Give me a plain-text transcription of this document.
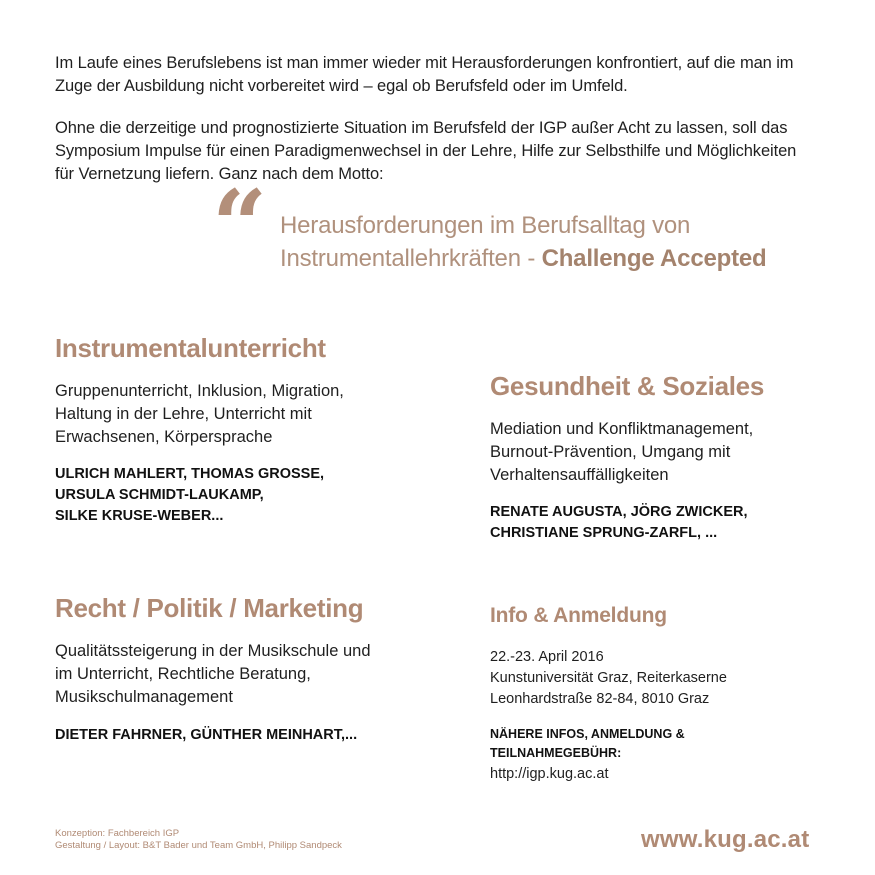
Im Laufe eines Berufslebens ist man immer wieder mit Herausforderungen konfrontiert, auf die man im Zuge der Ausbildung nicht vorbereitet wird – egal ob Berufsfeld oder im Umfeld.

Ohne die derzeitige und prognostizierte Situation im Berufsfeld der IGP außer Acht zu lassen, soll das Symposium Impulse für einen Paradigmenwechsel in der Lehre, Hilfe zur Selbsthilfe und Möglichkeiten für Vernetzung liefern. Ganz nach dem Motto:

“ Herausforderungen im Berufsalltag von
Instrumentallehrkräften - Challenge Accepted
Instrumentalunterricht
Gruppenunterricht, Inklusion, Migration, Haltung in der Lehre, Unterricht mit Erwachsenen, Körpersprache
ULRICH MAHLERT, THOMAS GROSSE,
URSULA SCHMIDT-LAUKAMP,
SILKE KRUSE-WEBER...
Gesundheit & Soziales
Mediation und Konfliktmanagement, Burnout-Prävention, Umgang mit Verhaltensauffälligkeiten
RENATE AUGUSTA, JÖRG ZWICKER,
CHRISTIANE SPRUNG-ZARFL, ...
Recht / Politik / Marketing
Qualitätssteigerung in der Musikschule und im Unterricht, Rechtliche Beratung, Musikschulmanagement
DIETER FAHRNER, GÜNTHER MEINHART,...
Info & Anmeldung
22.-23. April 2016
Kunstuniversität Graz, Reiterkaserne
Leonhardstraße 82-84, 8010 Graz
NÄHERE INFOS, ANMELDUNG &
TEILNAHMEGEBÜHR:
http://igp.kug.ac.at
Konzeption: Fachbereich IGP
Gestaltung / Layout: B&T Bader und Team GmbH, Philipp Sandpeck	www.kug.ac.at
